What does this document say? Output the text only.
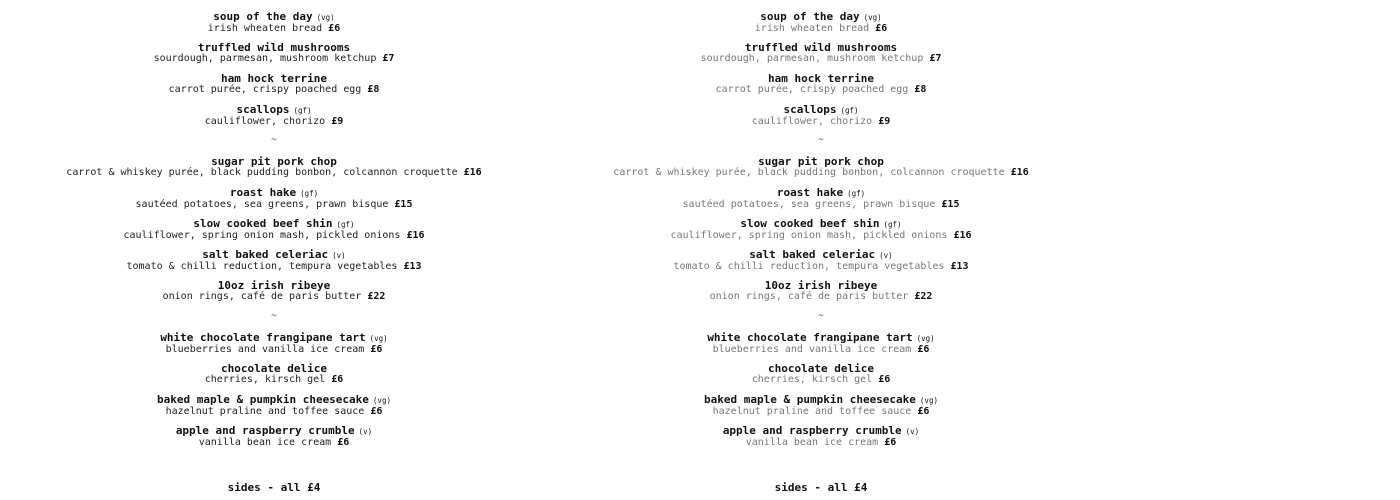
soup of the day (vg)
irish wheaten bread £6
truffled wild mushrooms
sourdough, parmesan, mushroom ketchup £7
ham hock terrine
carrot purée, crispy poached egg £8
scallops (gf)
cauliflower, chorizo £9
~
sugar pit pork chop
carrot & whiskey purée, black pudding bonbon, colcannon croquette £16
roast hake (gf)
sautéed potatoes, sea greens, prawn bisque £15
slow cooked beef shin (gf)
cauliflower, spring onion mash, pickled onions £16
salt baked celeriac (v)
tomato & chilli reduction, tempura vegetables £13
10oz irish ribeye
onion rings, café de paris butter £22
~
white chocolate frangipane tart (vg)
blueberries and vanilla ice cream £6
chocolate delice
cherries, kirsch gel £6
baked maple & pumpkin cheesecake (vg)
hazelnut praline and toffee sauce £6
apple and raspberry crumble (v)
vanilla bean ice cream £6
sides - all £4
soup of the day (vg)
irish wheaten bread £6
truffled wild mushrooms
sourdough, parmesan, mushroom ketchup £7
ham hock terrine
carrot purée, crispy poached egg £8
scallops (gf)
cauliflower, chorizo £9
~
sugar pit pork chop
carrot & whiskey purée, black pudding bonbon, colcannon croquette £16
roast hake (gf)
sautéed potatoes, sea greens, prawn bisque £15
slow cooked beef shin (gf)
cauliflower, spring onion mash, pickled onions £16
salt baked celeriac (v)
tomato & chilli reduction, tempura vegetables £13
10oz irish ribeye
onion rings, café de paris butter £22
~
white chocolate frangipane tart (vg)
blueberries and vanilla ice cream £6
chocolate delice
cherries, kirsch gel £6
baked maple & pumpkin cheesecake (vg)
hazelnut praline and toffee sauce £6
apple and raspberry crumble (v)
vanilla bean ice cream £6
sides - all £4
